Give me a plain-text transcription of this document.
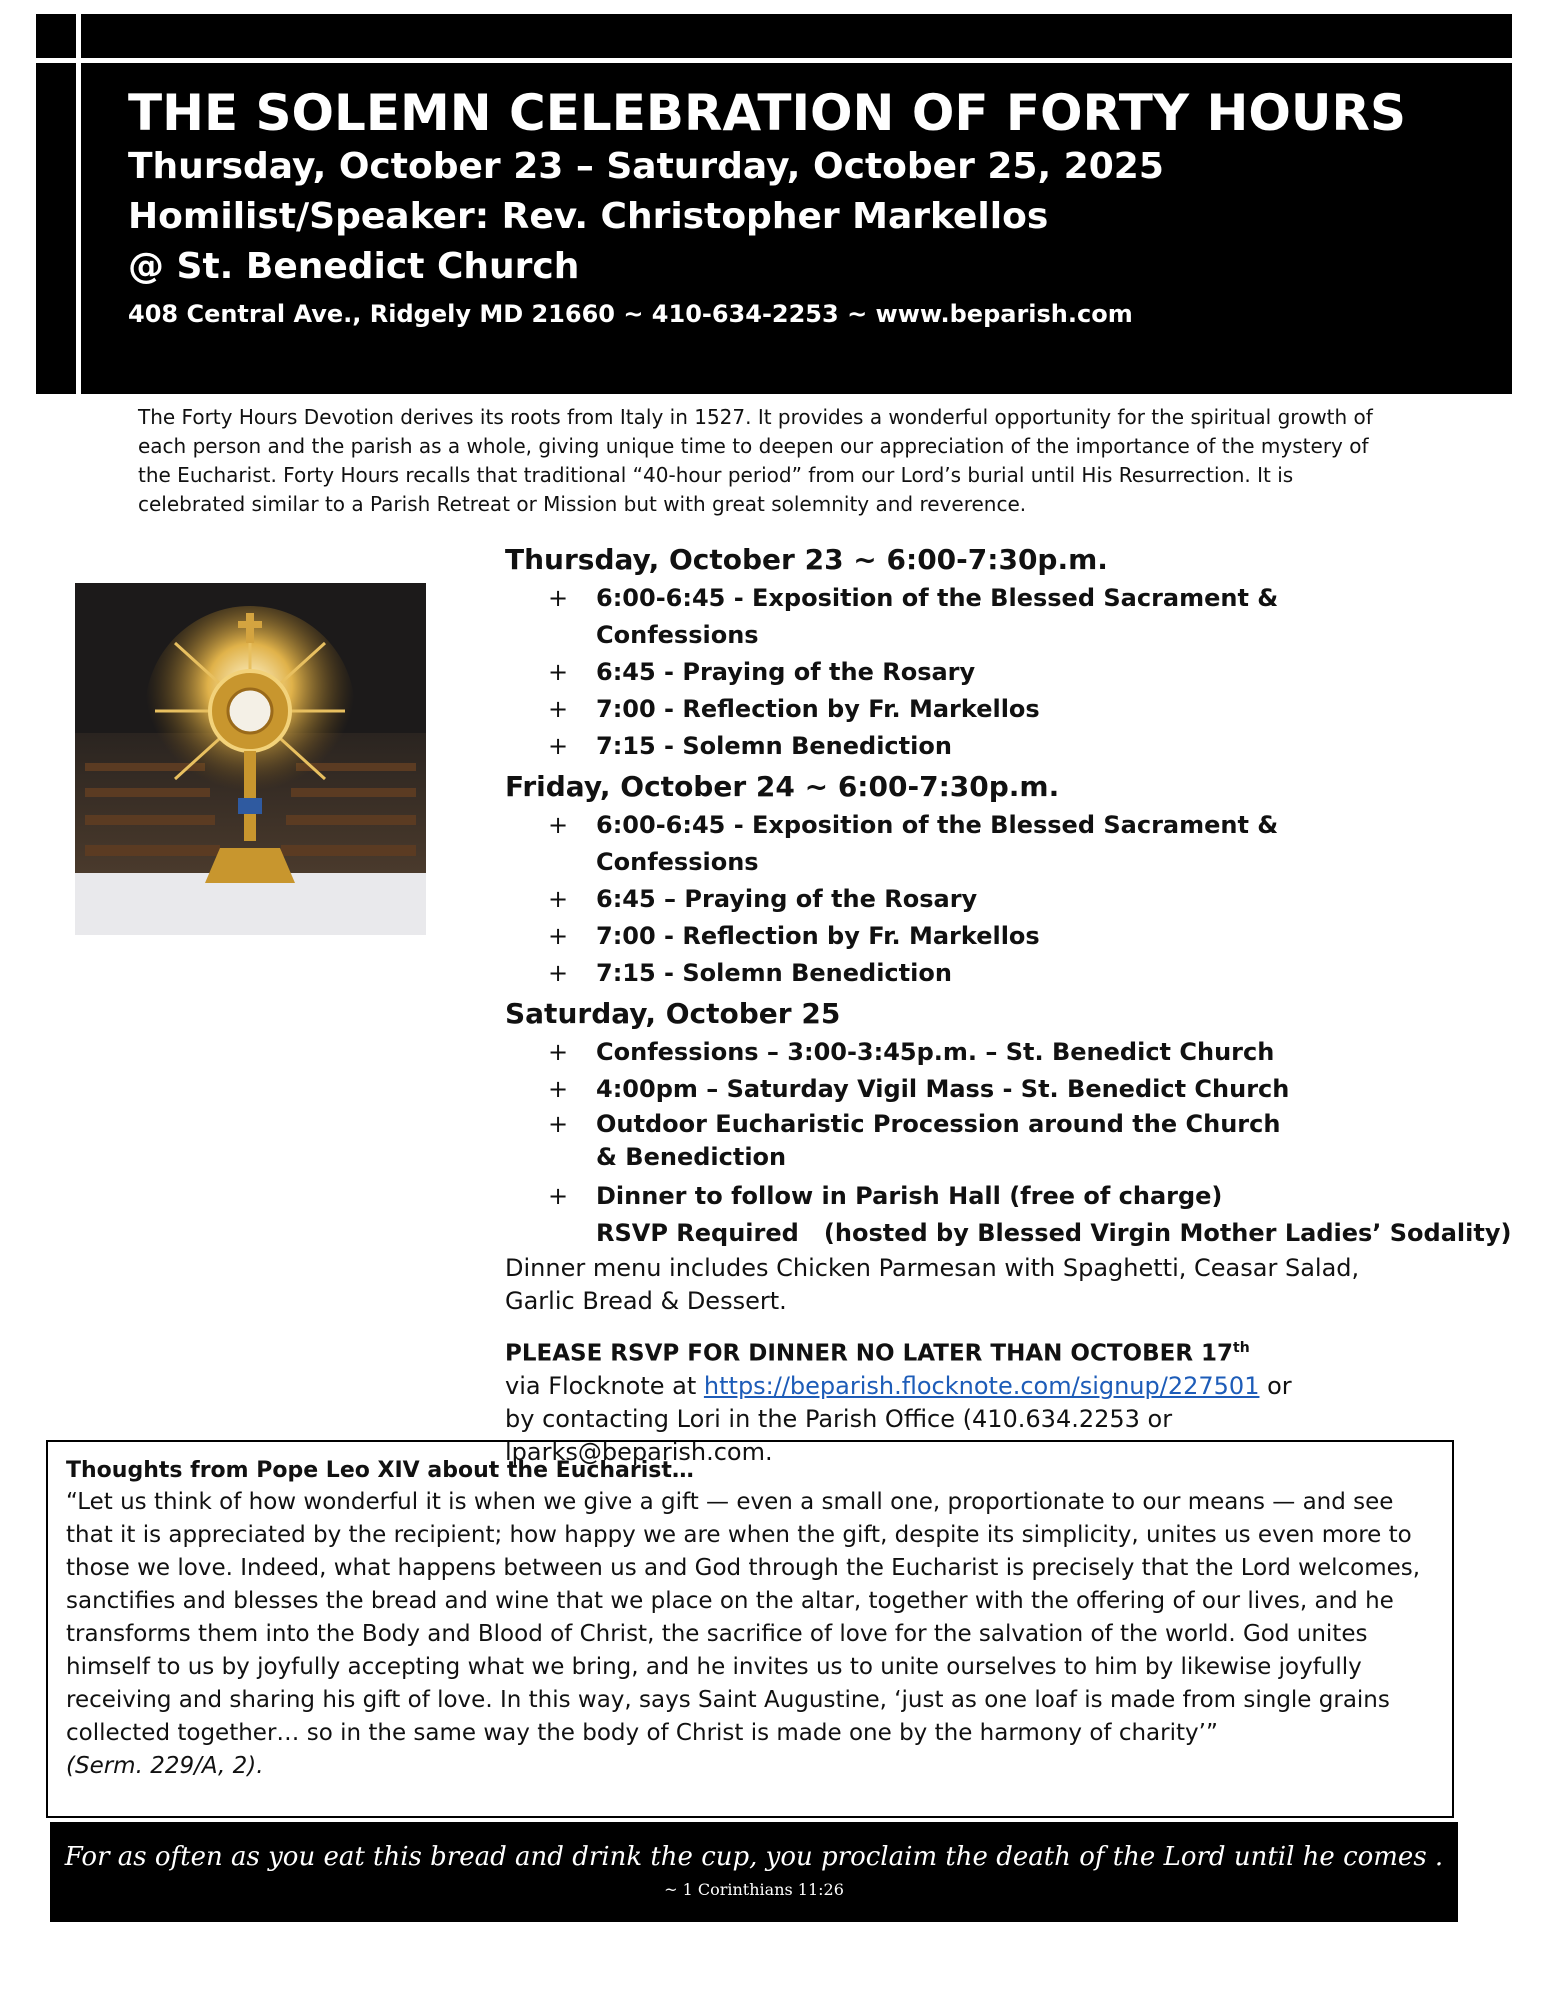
THE SOLEMN CELEBRATION OF FORTY HOURS
Thursday, October 23 – Saturday, October 25, 2025
Homilist/Speaker: Rev. Christopher Markellos
@ St. Benedict Church
408 Central Ave., Ridgely MD 21660 ~ 410-634-2253 ~ www.beparish.com
The Forty Hours Devotion derives its roots from Italy in 1527. It provides a wonderful opportunity for the spiritual growth of each person and the parish as a whole, giving unique time to deepen our appreciation of the importance of the mystery of the Eucharist. Forty Hours recalls that traditional “40-hour period” from our Lord’s burial until His Resurrection. It is celebrated similar to a Parish Retreat or Mission but with great solemnity and reverence.
Thursday, October 23 ~ 6:00-7:30p.m.
+ 6:00-6:45 - Exposition of the Blessed Sacrament & Confessions
+ 6:45 - Praying of the Rosary
+ 7:00 - Reflection by Fr. Markellos
+ 7:15 - Solemn Benediction
Friday, October 24 ~ 6:00-7:30p.m.
+ 6:00-6:45 - Exposition of the Blessed Sacrament & Confessions
+ 6:45 – Praying of the Rosary
+ 7:00 - Reflection by Fr. Markellos
+ 7:15 - Solemn Benediction
Saturday, October 25
+ Confessions – 3:00-3:45p.m. – St. Benedict Church
+ 4:00pm – Saturday Vigil Mass - St. Benedict Church
+ Outdoor Eucharistic Procession around the Church & Benediction
+ Dinner to follow in Parish Hall (free of charge)
RSVP Required (hosted by Blessed Virgin Mother Ladies’ Sodality)
Dinner menu includes Chicken Parmesan with Spaghetti, Ceasar Salad, Garlic Bread & Dessert.
PLEASE RSVP FOR DINNER NO LATER THAN OCTOBER 17th
via Flocknote at https://beparish.flocknote.com/signup/227501 or
by contacting Lori in the Parish Office (410.634.2253 or lparks@beparish.com.
Thoughts from Pope Leo XIV about the Eucharist…
“Let us think of how wonderful it is when we give a gift — even a small one, proportionate to our means — and see that it is appreciated by the recipient; how happy we are when the gift, despite its simplicity, unites us even more to those we love. Indeed, what happens between us and God through the Eucharist is precisely that the Lord welcomes, sanctifies and blesses the bread and wine that we place on the altar, together with the offering of our lives, and he transforms them into the Body and Blood of Christ, the sacrifice of love for the salvation of the world. God unites himself to us by joyfully accepting what we bring, and he invites us to unite ourselves to him by likewise joyfully receiving and sharing his gift of love. In this way, says Saint Augustine, ‘just as one loaf is made from single grains collected together… so in the same way the body of Christ is made one by the harmony of charity’”
(Serm. 229/A, 2).
For as often as you eat this bread and drink the cup, you proclaim the death of the Lord until he comes .
~ 1 Corinthians 11:26
